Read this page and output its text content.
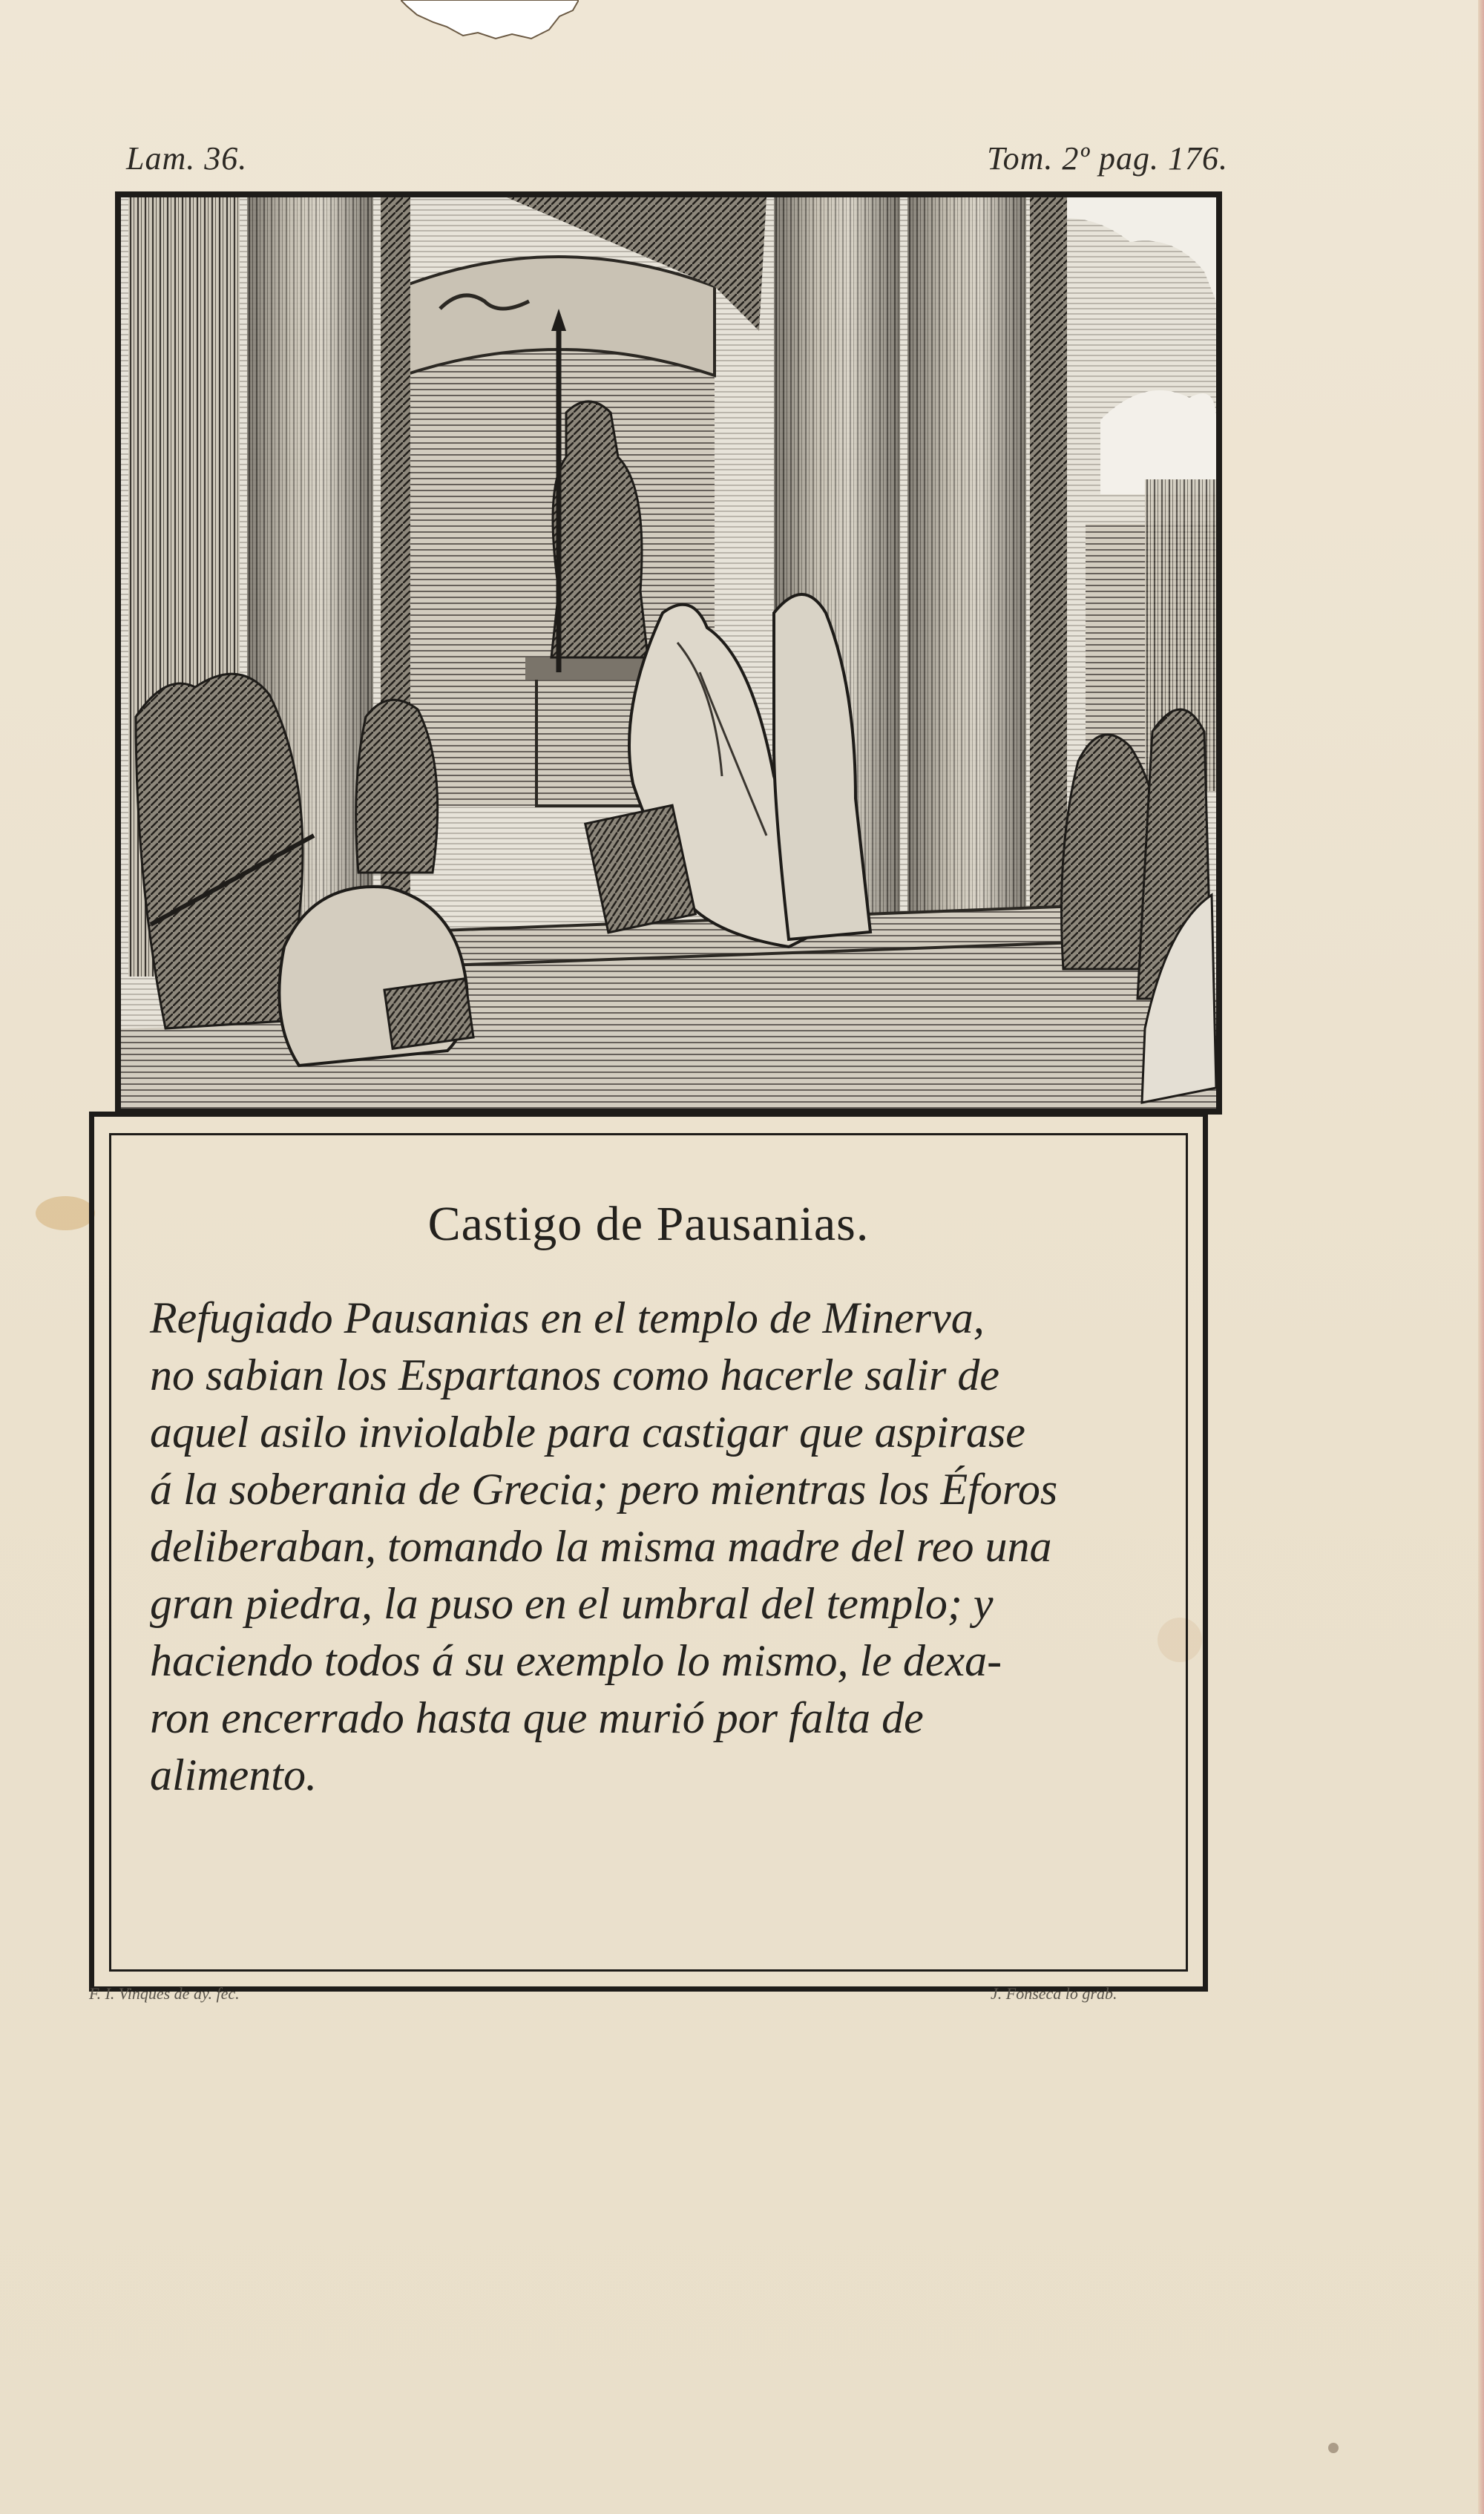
Lam. 36.	Tom. 2º pag. 176.
Castigo de Pausanias.
Refugiado Pausanias en el templo de Minerva,
no sabian los Espartanos como hacerle salir de
aquel asilo inviolable para castigar que aspirase
á la soberania de Grecia; pero mientras los Éforos
deliberaban, tomando la misma madre del reo una
gran piedra, la puso en el umbral del templo; y
haciendo todos á su exemplo lo mismo, le dexa-
ron encerrado hasta que murió por falta de
alimento.
F. I. Vinques de ay. fec.	J. Fonseca lo grab.
